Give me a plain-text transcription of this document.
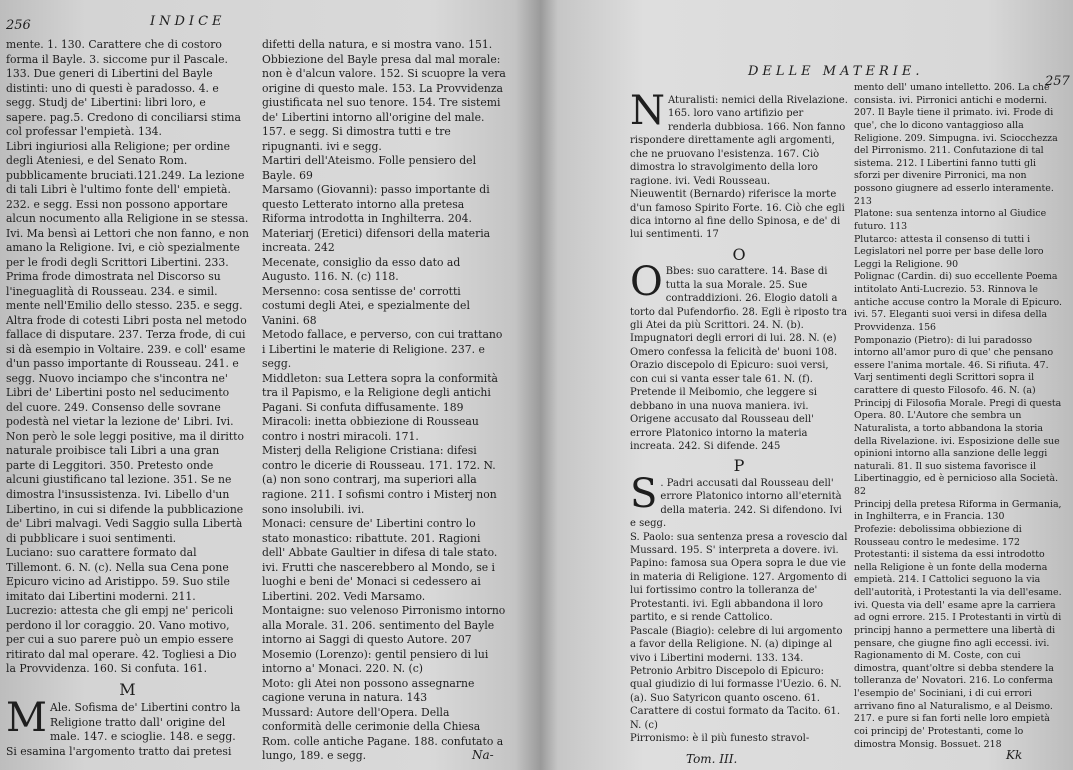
256	INDICE

mente. 1. 130. Carattere che di costoro forma il Bayle. 3. siccome pur il Pascale. 133. Due generi di Libertini del Bayle distinti: uno di questi è paradosso. 4. e segg. Studj de' Libertini: libri loro, e sapere. pag.5. Credono di conciliarsi stima col professar l'empietà. 134.

Libri ingiuriosi alla Religione; per ordine degli Ateniesi, e del Senato Rom. pubblicamente bruciati.121.249. La lezione di tali Libri è l'ultimo fonte dell' empietà. 232. e segg. Essi non possono apportare alcun nocumento alla Religione in se stessa. Ivi. Ma bensì ai Lettori che non fanno, e non amano la Religione. Ivi, e ciò spezialmente per le frodi degli Scrittori Libertini. 233. Prima frode dimostrata nel Discorso su l'ineguaglità di Rousseau. 234. e simil. mente nell'Emilio dello stesso. 235. e segg. Altra frode di cotesti Libri posta nel metodo fallace di disputare. 237. Terza frode, di cui si dà esempio in Voltaire. 239. e coll' esame d'un passo importante di Rousseau. 241. e segg. Nuovo inciampo che s'incontra ne' Libri de' Libertini posto nel seducimento del cuore. 249. Consenso delle sovrane podestà nel vietar la lezione de' Libri. Ivi. Non però le sole leggi positive, ma il diritto naturale proibisce tali Libri a una gran parte di Leggitori. 350. Pretesto onde alcuni giustificano tal lezione. 351. Se ne dimostra l'insussistenza. Ivi. Libello d'un Libertino, in cui si difende la pubblicazione de' Libri malvagi. Vedi Saggio sulla Libertà di pubblicare i suoi sentimenti.

Luciano: suo carattere formato dal Tillemont. 6. N. (c). Nella sua Cena pone Epicuro vicino ad Aristippo. 59. Suo stile imitato dai Libertini moderni. 211.

Lucrezio: attesta che gli empj ne' pericoli perdono il lor coraggio. 20. Vano motivo, per cui a suo parere può un empio essere ritirato dal mal operare. 42. Togliesi a Dio la Provvidenza. 160. Si confuta. 161.

M
M Ale. Sofisma de' Libertini contro la Religione tratto dall' origine del male. 147. e scioglie. 148. e segg. Si esamina l'argomento tratto dai pretesi

difetti della natura, e si mostra vano. 151. Obbiezione del Bayle presa dal mal morale: non è d'alcun valore. 152. Si scuopre la vera origine di questo male. 153. La Provvidenza giustificata nel suo tenore. 154. Tre sistemi de' Libertini intorno all'origine del male. 157. e segg. Si dimostra tutti e tre ripugnanti. ivi e segg.

Martiri dell'Ateismo. Folle pensiero del Bayle. 69

Marsamo (Giovanni): passo importante di questo Letterato intorno alla pretesa Riforma introdotta in Inghilterra. 204.

Materiarj (Eretici) difensori della materia increata. 242

Mecenate, consiglio da esso dato ad Augusto. 116. N. (c) 118.

Mersenno: cosa sentisse de' corrotti costumi degli Atei, e spezialmente del Vanini. 68

Metodo fallace, e perverso, con cui trattano i Libertini le materie di Religione. 237. e segg.

Middleton: sua Lettera sopra la conformità tra il Papismo, e la Religione degli antichi Pagani. Si confuta diffusamente. 189

Miracoli: inetta obbiezione di Rousseau contro i nostri miracoli. 171.

Misterj della Religione Cristiana: difesi contro le dicerie di Rousseau. 171. 172. N. (a) non sono contrarj, ma superiori alla ragione. 211. I sofismi contro i Misterj non sono insolubili. ivi.

Monaci: censure de' Libertini contro lo stato monastico: ribattute. 201. Ragioni dell' Abbate Gaultier in difesa di tale stato. ivi. Frutti che nascerebbero al Mondo, se i luoghi e beni de' Monaci si cedessero ai Libertini. 202. Vedi Marsamo.

Montaigne: suo velenoso Pirronismo intorno alla Morale. 31. 206. sentimento del Bayle intorno ai Saggi di questo Autore. 207

Mosemio (Lorenzo): gentil pensiero di lui intorno a' Monaci. 220. N. (c)

Moto: gli Atei non possono assegnarne cagione veruna in natura. 143

Mussard: Autore dell'Opera. Della conformità delle cerimonie della Chiesa Rom. colle antiche Pagane. 188. confutato a lungo, 189. e segg.	Na-
257
DELLE MATERIE.
N Aturalisti: nemici della Rivelazione. 165. loro vano artifizio per renderla dubbiosa. 166. Non fanno rispondere direttamente agli argomenti, che ne pruovano l'esistenza. 167. Ciò dimostra lo stravolgimento della loro ragione. ivi. Vedi Rousseau.

Nieuwentit (Bernardo) riferisce la morte d'un famoso Spirito Forte. 16. Ciò che egli dica intorno al fine dello Spinosa, e de' di lui sentimenti. 17

O
O Bbes: suo carattere. 14. Base di tutta la sua Morale. 25. Sue contraddizioni. 26. Elogio datoli a torto dal Pufendorfio. 28. Egli è riposto tra gli Atei da più Scrittori. 24. N. (b). Impugnatori degli errori di lui. 28. N. (e)

Omero confessa la felicità de' buoni 108.

Orazio discepolo di Epicuro: suoi versi, con cui si vanta esser tale 61. N. (f). Pretende il Meibomio, che leggere si debbano in una nuova maniera. ivi.

Origene accusato dal Rousseau dell' errore Platonico intorno la materia increata. 242. Si difende. 245

P
S . Padri accusati dal Rousseau dell' errore Platonico intorno all'eternità della materia. 242. Si difendono. Ivi e segg.

S. Paolo: sua sentenza presa a rovescio dal Mussard. 195. S' interpreta a dovere. ivi.

Papino: famosa sua Opera sopra le due vie in materia di Religione. 127. Argomento di lui fortissimo contro la tolleranza de' Protestanti. ivi. Egli abbandona il loro partito, e si rende Cattolico.

Pascale (Biagio): celebre di lui argomento a favor della Religione. N. (a) dipinge al vivo i Libertini moderni. 133. 134.

Petronio Arbitro Discepolo di Epicuro: qual giudizio di lui formasse l'Uezio. 6. N. (a). Suo Satyricon quanto osceno. 61. Carattere di costui formato da Tacito. 61. N. (c)

Pirronismo: è il più funesto stravol-

Tom. III.

mento dell' umano intelletto. 206. La che consista. ivi. Pirronici antichi e moderni. 207. Il Bayle tiene il primato. ivi. Frode di que', che lo dicono vantaggioso alla Religione. 209. Simpugna. ivi. Sciocchezza del Pirronismo. 211. Confutazione di tal sistema. 212. I Libertini fanno tutti gli sforzi per divenire Pirronici, ma non possono giugnere ad esserlo interamente. 213

Platone: sua sentenza intorno al Giudice futuro. 113

Plutarco: attesta il consenso di tutti i Legislatori nel porre per base delle loro Leggi la Religione. 90

Polignac (Cardin. di) suo eccellente Poema intitolato Anti-Lucrezio. 53. Rinnova le antiche accuse contro la Morale di Epicuro. ivi. 57. Eleganti suoi versi in difesa della Provvidenza. 156

Pomponazio (Pietro): di lui paradosso intorno all'amor puro di que' che pensano essere l'anima mortale. 46. Si rifiuta. 47. Varj sentimenti degli Scrittori sopra il carattere di questo Filosofo. 46. N. (a)

Principj di Filosofia Morale. Pregi di questa Opera. 80. L'Autore che sembra un Naturalista, a torto abbandona la storia della Rivelazione. ivi. Esposizione delle sue opinioni intorno alla sanzione delle leggi naturali. 81. Il suo sistema favorisce il Libertinaggio, ed è pernicioso alla Società. 82

Principj della pretesa Riforma in Germania, in Inghilterra, e in Francia. 130

Profezie: debolissima obbiezione di Rousseau contro le medesime. 172

Protestanti: il sistema da essi introdotto nella Religione è un fonte della moderna empietà. 214. I Cattolici seguono la via dell'autorità, i Protestanti la via dell'esame. ivi. Questa via dell' esame apre la carriera ad ogni errore. 215. I Protestanti in virtù di principj hanno a permettere una libertà di pensare, che giugne fino agli eccessi. ivi. Ragionamento di M. Coste, con cui dimostra, quant'oltre si debba stendere la tolleranza de' Novatori. 216. Lo conferma l'esempio de' Sociniani, i di cui errori arrivano fino al Naturalismo, e al Deismo. 217. e pure si fan forti nelle loro empietà coi principj de' Protestanti, come lo dimostra Monsig. Bossuet. 218

Kk
